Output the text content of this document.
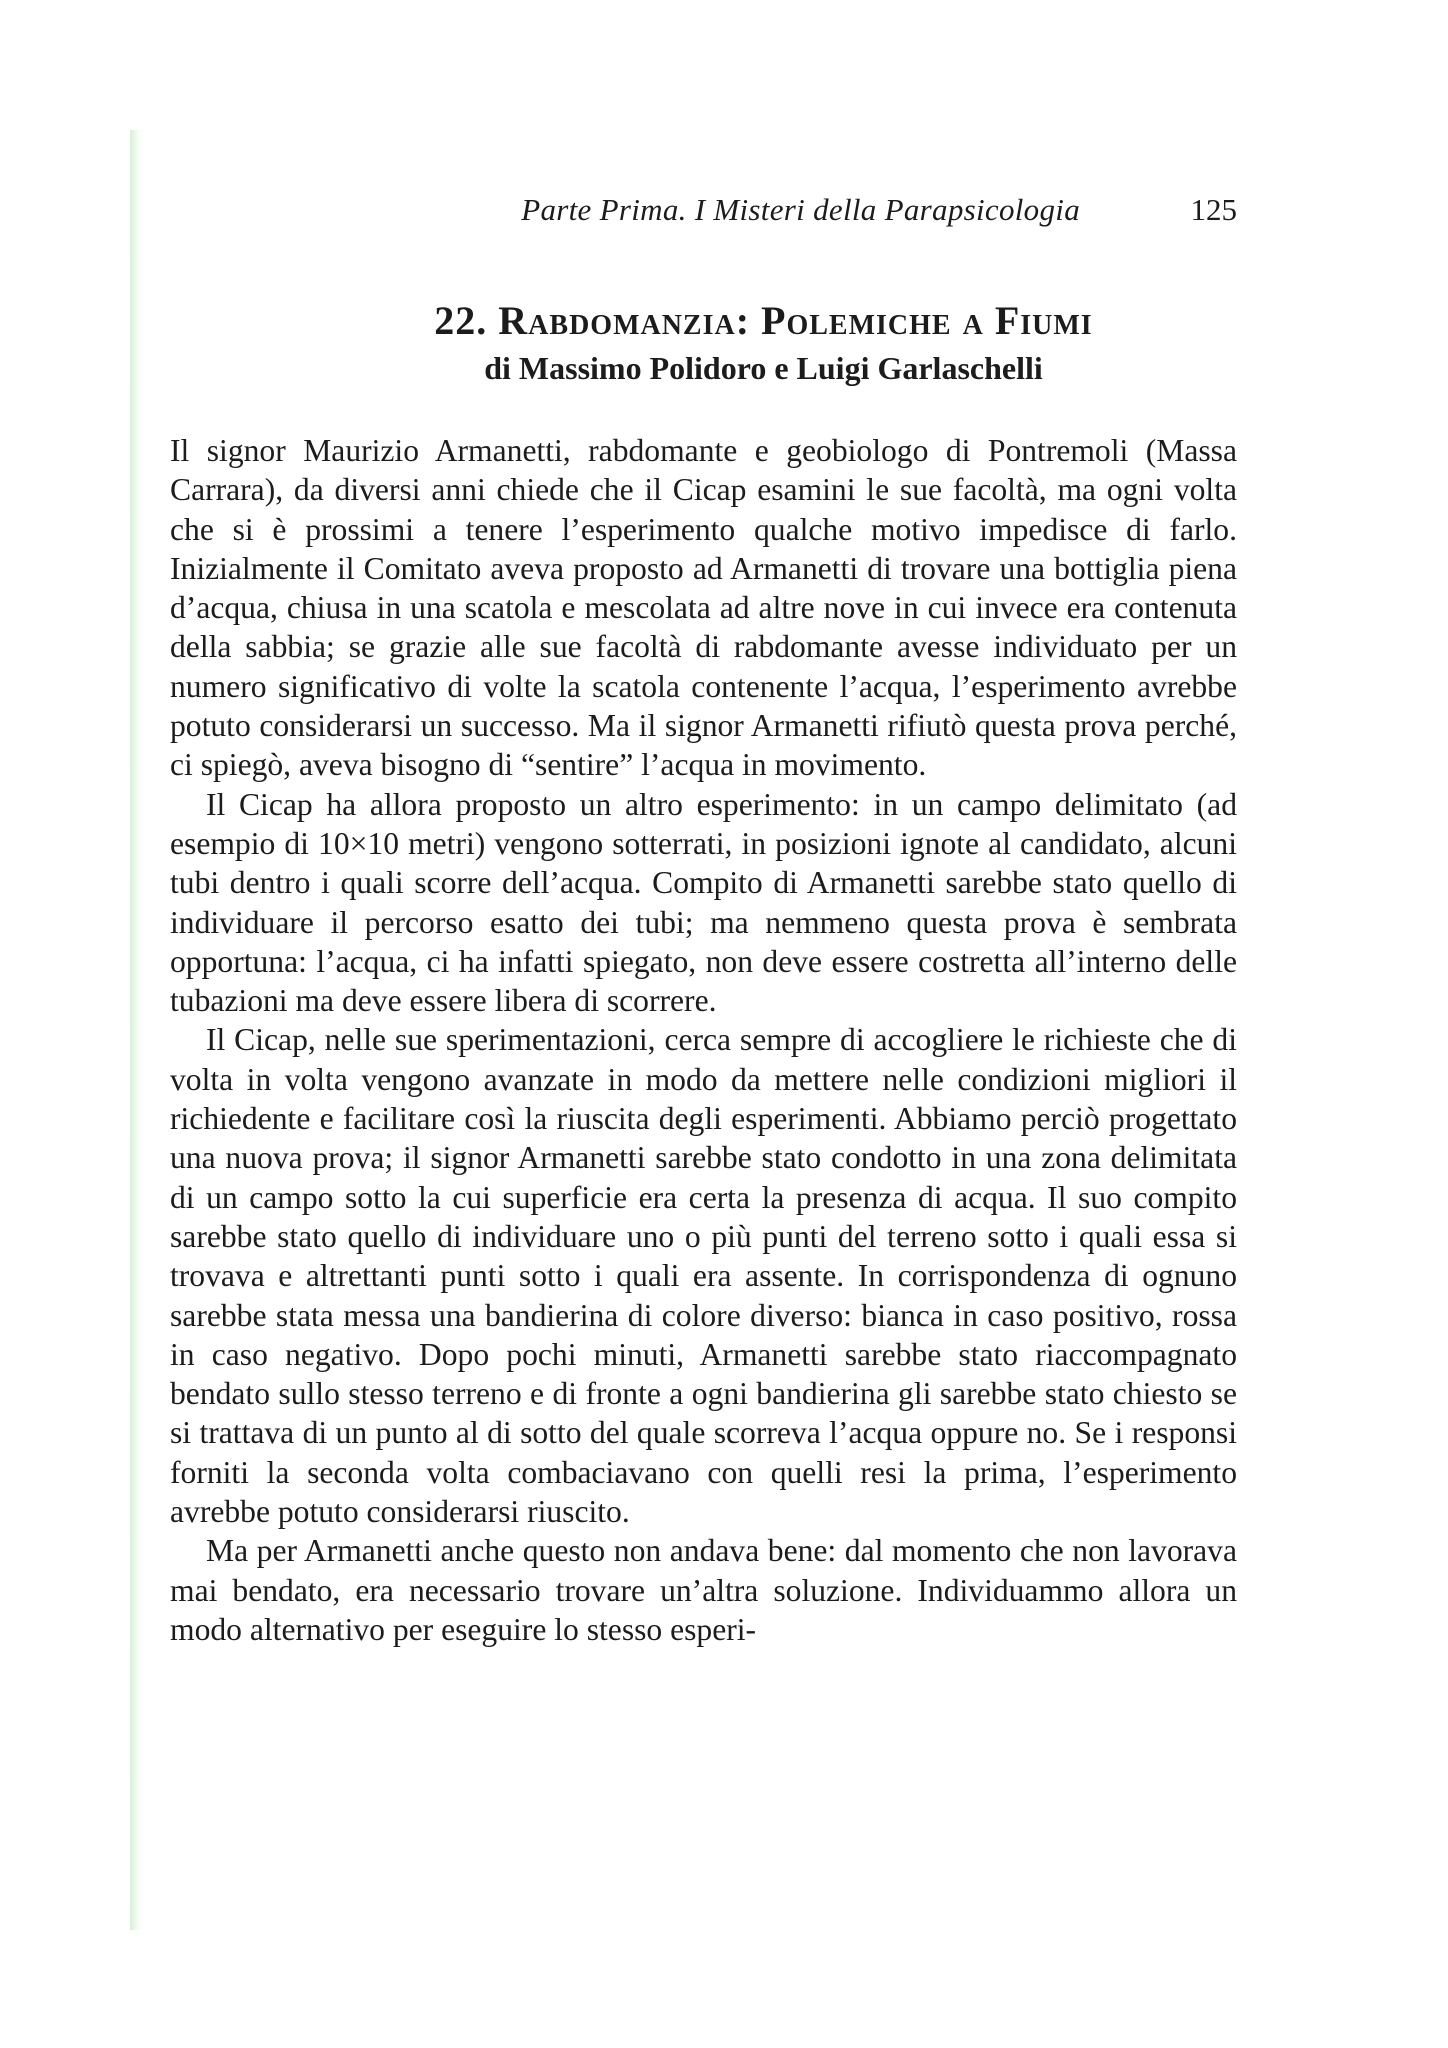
Parte Prima. I Misteri della Parapsicologia	125
22. Rabdomanzia: Polemiche a Fiumi
di Massimo Polidoro e Luigi Garlaschelli

Il signor Maurizio Armanetti, rabdomante e geobiologo di Pontremoli (Massa Carrara), da diversi anni chiede che il Cicap esamini le sue facoltà, ma ogni volta che si è prossimi a tenere l’esperimento qualche motivo impedisce di farlo. Inizialmente il Comitato aveva proposto ad Armanetti di trovare una bottiglia piena d’acqua, chiusa in una scatola e mescolata ad altre nove in cui invece era contenuta della sabbia; se grazie alle sue facoltà di rabdomante avesse individuato per un numero significativo di volte la scatola contenente l’acqua, l’esperimento avrebbe potuto considerarsi un successo. Ma il signor Armanetti rifiutò questa prova perché, ci spiegò, aveva bisogno di “sentire” l’acqua in movimento.

Il Cicap ha allora proposto un altro esperimento: in un campo delimitato (ad esempio di 10×10 metri) vengono sotterrati, in posizioni ignote al candidato, alcuni tubi dentro i quali scorre dell’acqua. Compito di Armanetti sarebbe stato quello di individuare il percorso esatto dei tubi; ma nemmeno questa prova è sembrata opportuna: l’acqua, ci ha infatti spiegato, non deve essere costretta all’interno delle tubazioni ma deve essere libera di scorrere.

Il Cicap, nelle sue sperimentazioni, cerca sempre di accogliere le richieste che di volta in volta vengono avanzate in modo da mettere nelle condizioni migliori il richiedente e facilitare così la riuscita degli esperimenti. Abbiamo perciò progettato una nuova prova; il signor Armanetti sarebbe stato condotto in una zona delimitata di un campo sotto la cui superficie era certa la presenza di acqua. Il suo compito sarebbe stato quello di individuare uno o più punti del terreno sotto i quali essa si trovava e altrettanti punti sotto i quali era assente. In corrispondenza di ognuno sarebbe stata messa una bandierina di colore diverso: bianca in caso positivo, rossa in caso negativo. Dopo pochi minuti, Armanetti sarebbe stato riaccompagnato bendato sullo stesso terreno e di fronte a ogni bandierina gli sarebbe stato chiesto se si trattava di un punto al di sotto del quale scorreva l’acqua oppure no. Se i responsi forniti la seconda volta combaciavano con quelli resi la prima, l’esperimento avrebbe potuto considerarsi riuscito.

Ma per Armanetti anche questo non andava bene: dal momento che non lavorava mai bendato, era necessario trovare un’altra soluzione. Individuammo allora un modo alternativo per eseguire lo stesso esperi-
